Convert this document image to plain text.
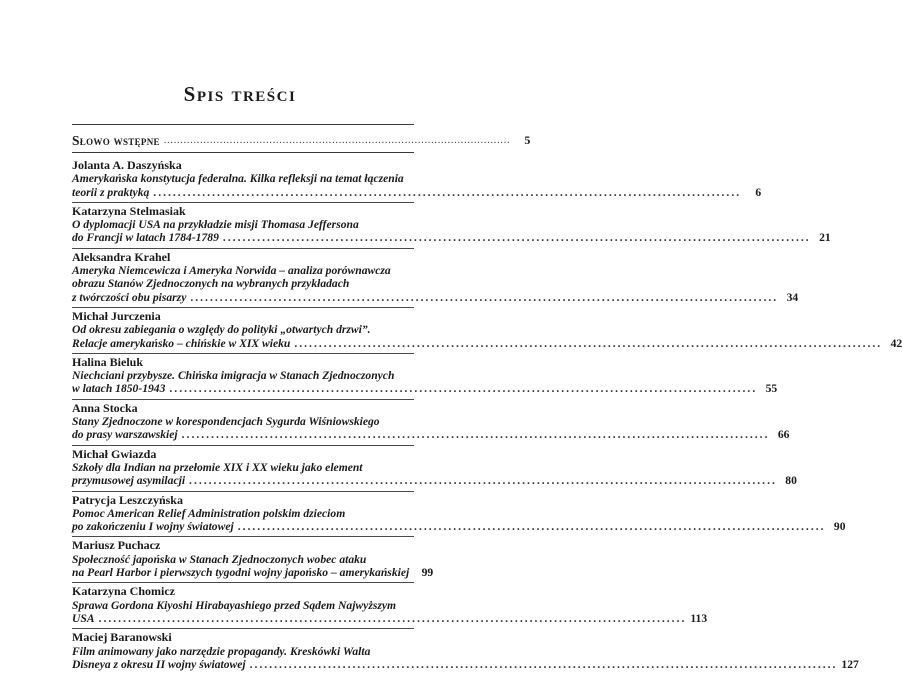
Spis treści
Słowo wstępne .........................................................................................................	5
Jolanta A. Daszyńska
Amerykańska konstytucja federalna. Kilka refleksji na temat łączenia
teorii z praktyką ........................................................................................................................	6
Katarzyna Stelmasiak
O dyplomacji USA na przykładzie misji Thomasa Jeffersona
do Francji w latach 1784-1789 ........................................................................................................................ 21
Aleksandra Krahel
Ameryka Niemcewicza i Ameryka Norwida – analiza porównawcza
obrazu Stanów Zjednoczonych na wybranych przykładach
z twórczości obu pisarzy ........................................................................................................................ 34
Michał Jurczenia
Od okresu zabiegania o względy do polityki „otwartych drzwi”.
Relacje amerykańsko – chińskie w XIX wieku ........................................................................................................................ 42
Halina Bieluk
Niechciani przybysze. Chińska imigracja w Stanach Zjednoczonych
w latach 1850-1943 ........................................................................................................................ 55
Anna Stocka
Stany Zjednoczone w korespondencjach Sygurda Wiśniowskiego
do prasy warszawskiej ........................................................................................................................ 66
Michał Gwiazda
Szkoły dla Indian na przełomie XIX i XX wieku jako element
przymusowej asymilacji ........................................................................................................................ 80
Patrycja Leszczyńska
Pomoc American Relief Administration polskim dzieciom
po zakończeniu I wojny światowej ........................................................................................................................ 90
Mariusz Puchacz
Społeczność japońska w Stanach Zjednoczonych wobec ataku
na Pearl Harbor i pierwszych tygodni wojny japońsko – amerykańskiej	99
Katarzyna Chomicz
Sprawa Gordona Kiyoshi Hirabayashiego przed Sądem Najwyższym
USA ........................................................................................................................ 113
Maciej Baranowski
Film animowany jako narzędzie propagandy. Kreskówki Walta
Disneya z okresu II wojny światowej ........................................................................................................................ 127
